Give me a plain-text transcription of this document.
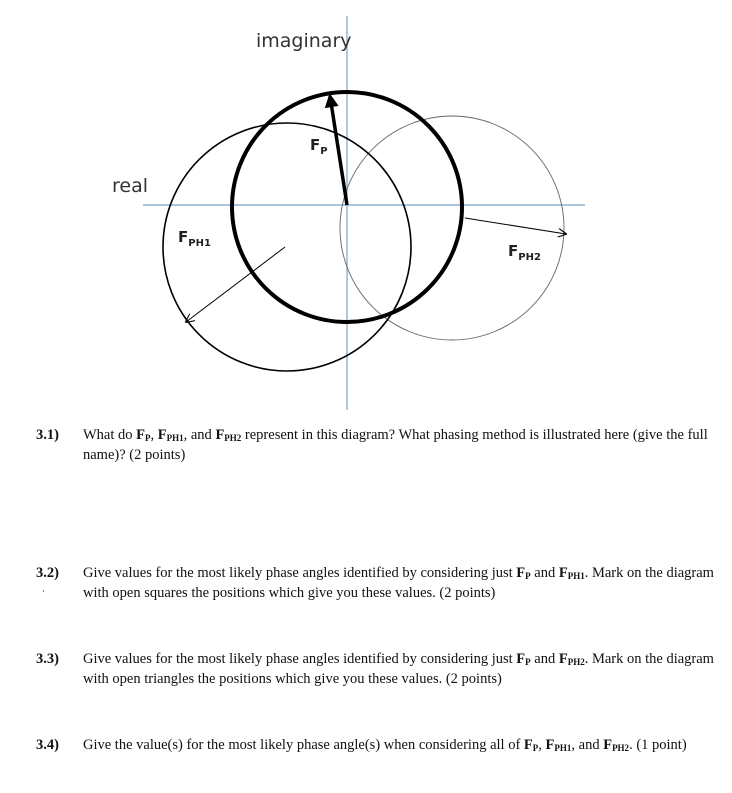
imaginary
real
$F_P$
$F_{PH1}$	$F_{PH2}$
3.1) What do $F_P$, $F_{PH1}$, and $F_{PH2}$ represent in this diagram? What phasing method is illustrated here (give the full name)? (2 points)
3.2)
‘
Give values for the most likely phase angles identified by considering just $F_P$ and $F_{PH1}$. Mark on the diagram with open squares the positions which give you these values. (2 points)
3.3) Give values for the most likely phase angles identified by considering just $F_P$ and $F_{PH2}$. Mark on the diagram with open triangles the positions which give you these values. (2 points)
3.4) Give the value(s) for the most likely phase angle(s) when considering all of $F_P$, $F_{PH1}$, and $F_{PH2}$. (1 point)
